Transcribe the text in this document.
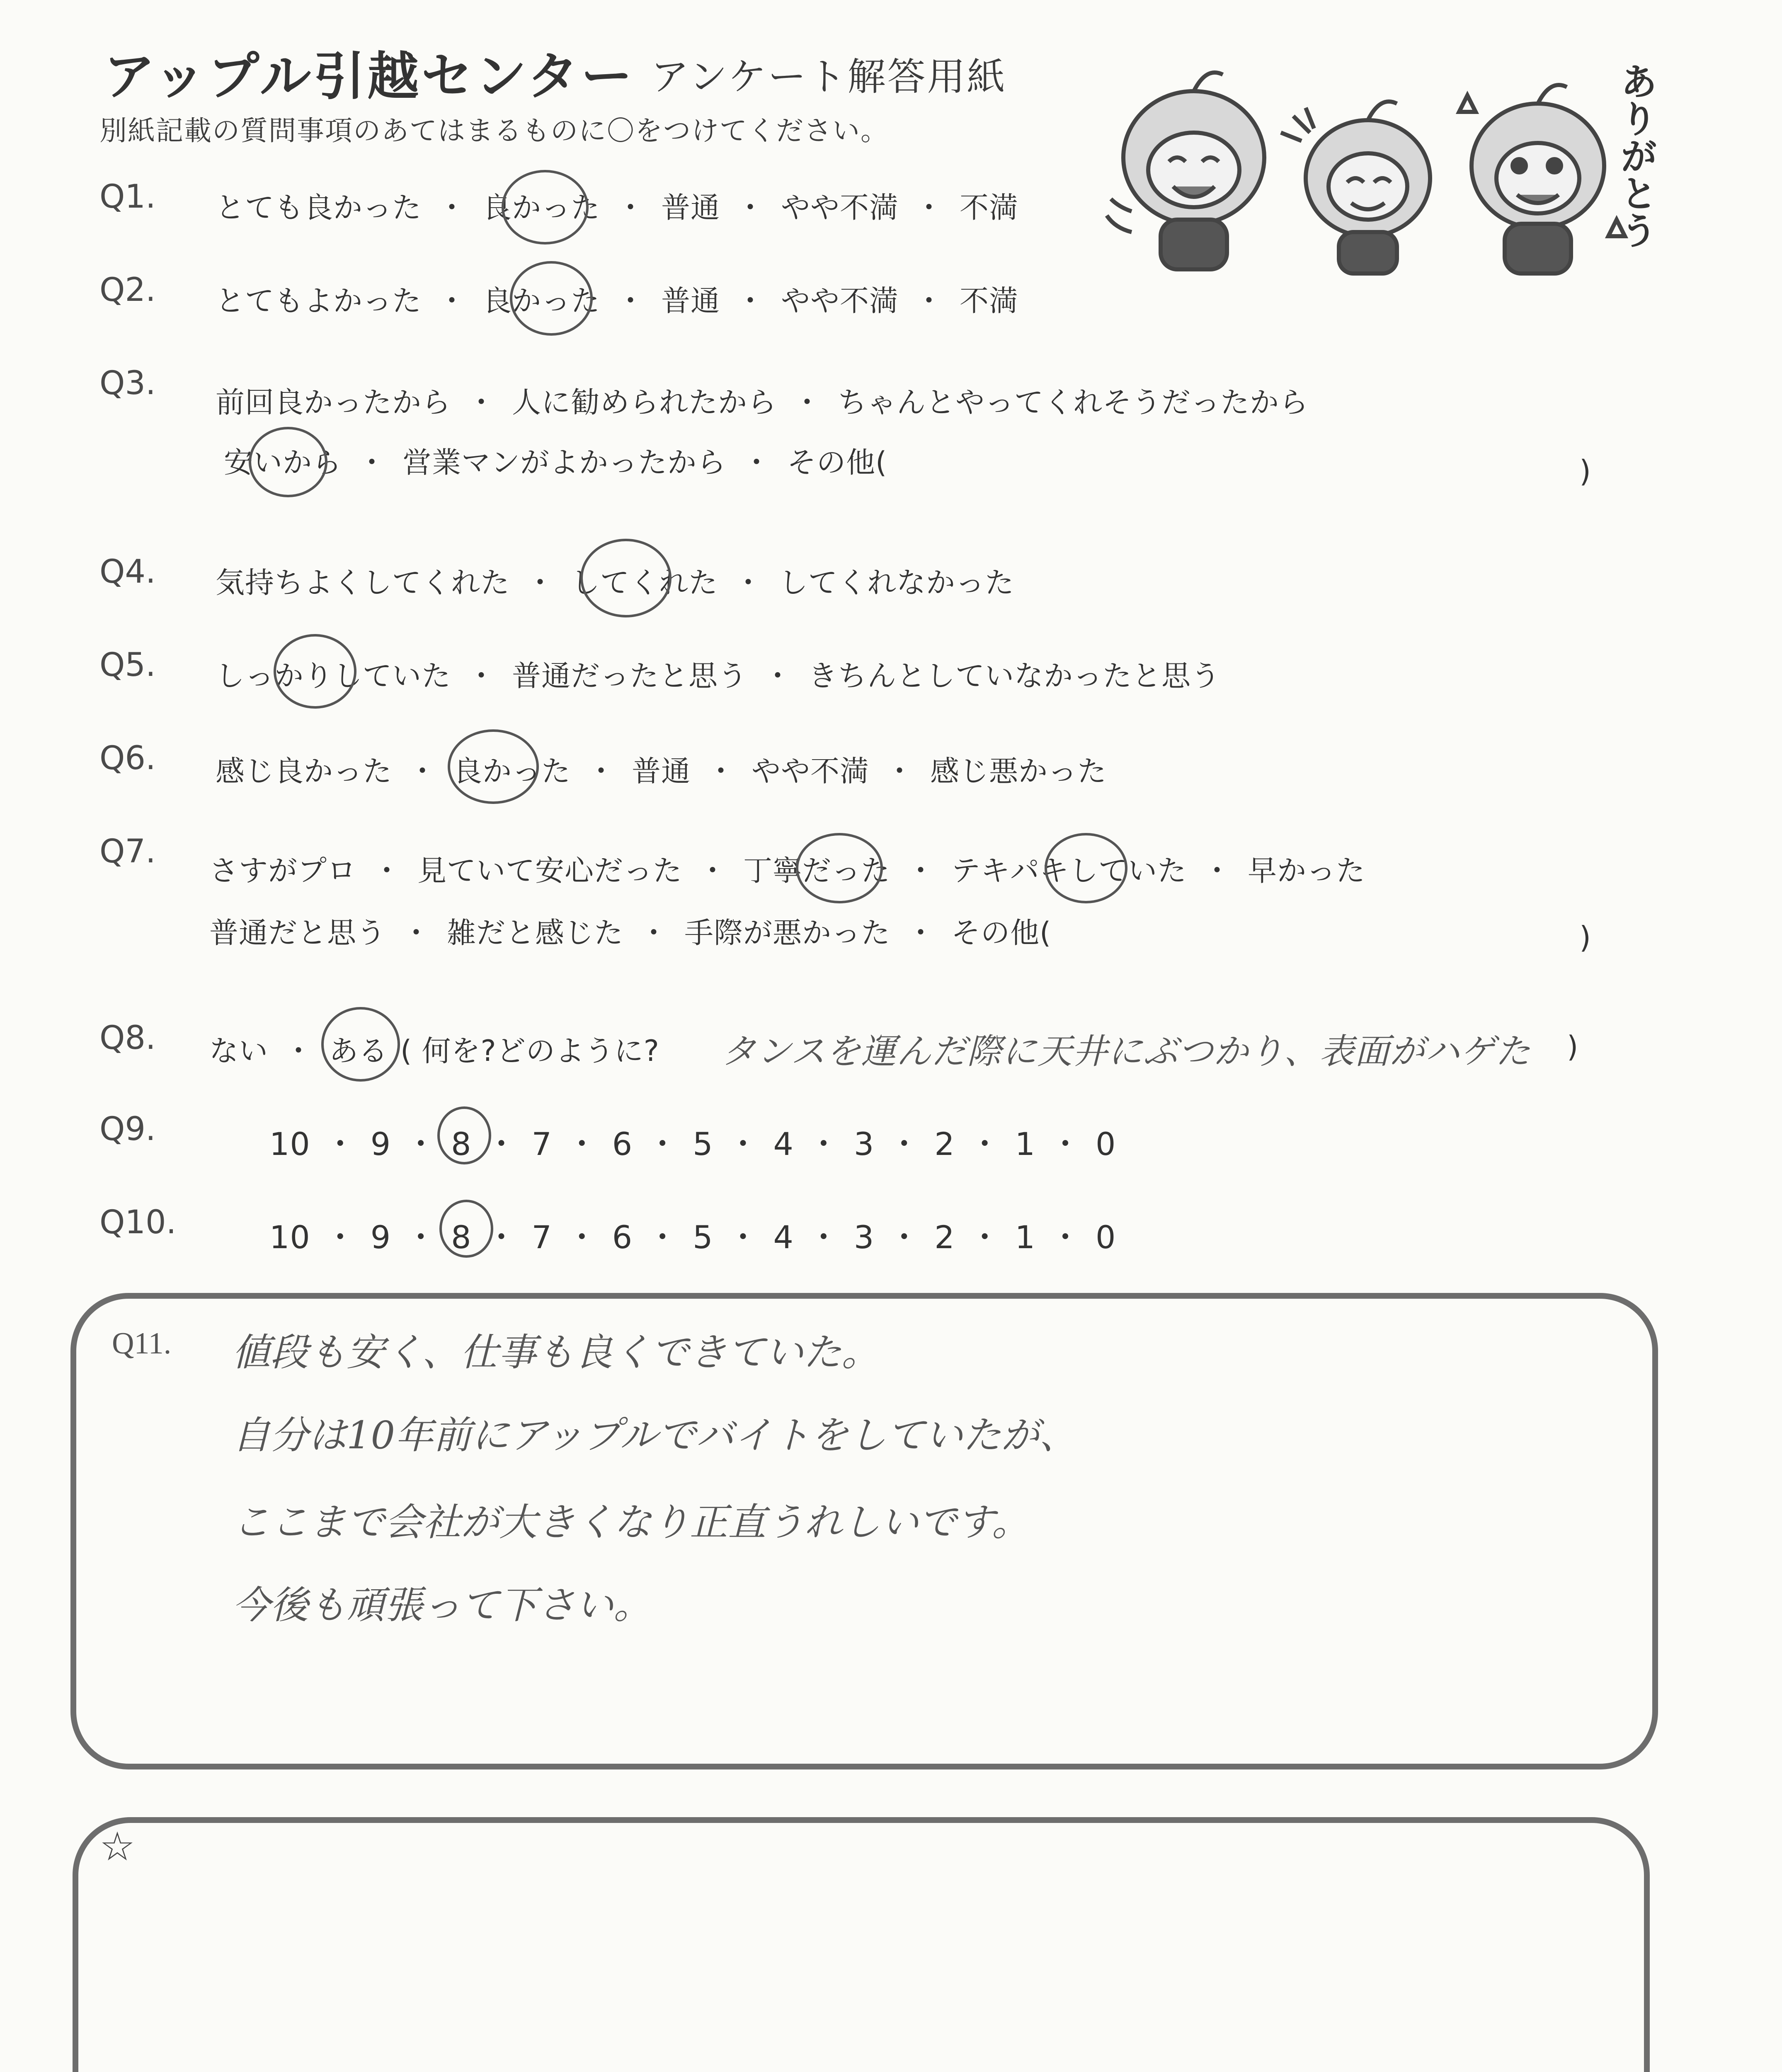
アップル引越センター アンケート解答用紙
別紙記載の質問事項のあてはまるものに〇をつけてください。	ありがとう
Q1. とても良かった ・ 良かった ・ 普通 ・ やや不満 ・ 不満
Q2. とてもよかった ・ 良かった ・ 普通 ・ やや不満 ・ 不満
Q3.
前回良かったから ・ 人に勧められたから ・ ちゃんとやってくれそうだったから
安いから ・ 営業マンがよかったから ・ その他(	)
Q4. 気持ちよくしてくれた ・ してくれた ・ してくれなかった
Q5. しっかりしていた ・ 普通だったと思う ・ きちんとしていなかったと思う
Q6. 感じ良かった ・ 良かった ・ 普通 ・ やや不満 ・ 感じ悪かった
Q7.
さすがプロ ・ 見ていて安心だった ・ 丁寧だった ・ テキパキしていた ・ 早かった
普通だと思う ・ 雑だと感じた ・ 手際が悪かった ・ その他(	)
Q8. ない ・ ある ( 何を?どのように? タンスを運んだ際に天井にぶつかり、表面がハゲた )
Q9.	10 ・ 9 ・ 8 ・ 7 ・ 6 ・ 5 ・ 4 ・ 3 ・ 2 ・ 1 ・ 0
Q10.	10 ・ 9 ・ 8 ・ 7 ・ 6 ・ 5 ・ 4 ・ 3 ・ 2 ・ 1 ・ 0
Q11. 値段も安く、仕事も良くできていた。
自分は10年前にアップルでバイトをしていたが、
ここまで会社が大きくなり正直うれしいです。
今後も頑張って下さい。
☆
